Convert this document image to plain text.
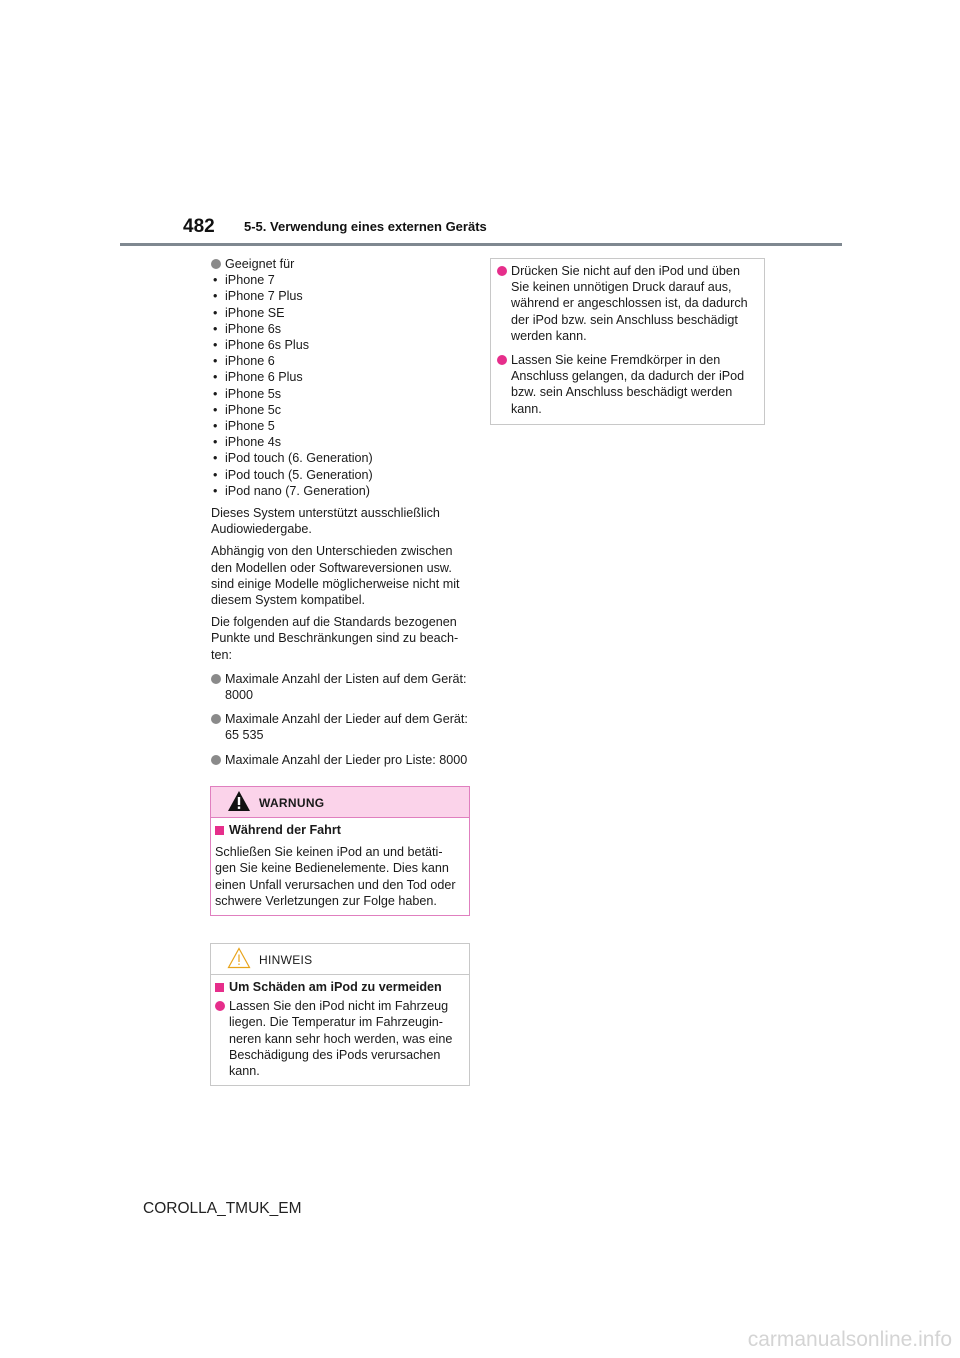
482 5-5. Verwendung eines externen Geräts
Geeignet für
• iPhone 7
• iPhone 7 Plus
• iPhone SE
• iPhone 6s
• iPhone 6s Plus
• iPhone 6
• iPhone 6 Plus
• iPhone 5s
• iPhone 5c
• iPhone 5
• iPhone 4s
• iPod touch (6. Generation)
• iPod touch (5. Generation)
• iPod nano (7. Generation)

Dieses System unterstützt ausschließlich Audiowiedergabe.

Abhängig von den Unterschieden zwischen den Modellen oder Softwareversionen usw. sind einige Modelle möglicherweise nicht mit diesem System kompatibel.

Die folgenden auf die Standards bezogenen Punkte und Beschränkungen sind zu beach-ten:

Maximale Anzahl der Listen auf dem Gerät: 8000
Maximale Anzahl der Lieder auf dem Gerät: 65 535
Maximale Anzahl der Lieder pro Liste: 8000
WARNUNG
Während der Fahrt

Schließen Sie keinen iPod an und betäti-gen Sie keine Bedienelemente. Dies kann einen Unfall verursachen und den Tod oder schwere Verletzungen zur Folge haben.

HINWEIS
Um Schäden am iPod zu vermeiden
Lassen Sie den iPod nicht im Fahrzeug liegen. Die Temperatur im Fahrzeugin-neren kann sehr hoch werden, was eine Beschädigung des iPods verursachen kann.
Drücken Sie nicht auf den iPod und üben Sie keinen unnötigen Druck darauf aus, während er angeschlossen ist, da dadurch der iPod bzw. sein Anschluss beschädigt werden kann.
Lassen Sie keine Fremdkörper in den Anschluss gelangen, da dadurch der iPod bzw. sein Anschluss beschädigt werden kann.
COROLLA_TMUK_EM
carmanualsonline.info
